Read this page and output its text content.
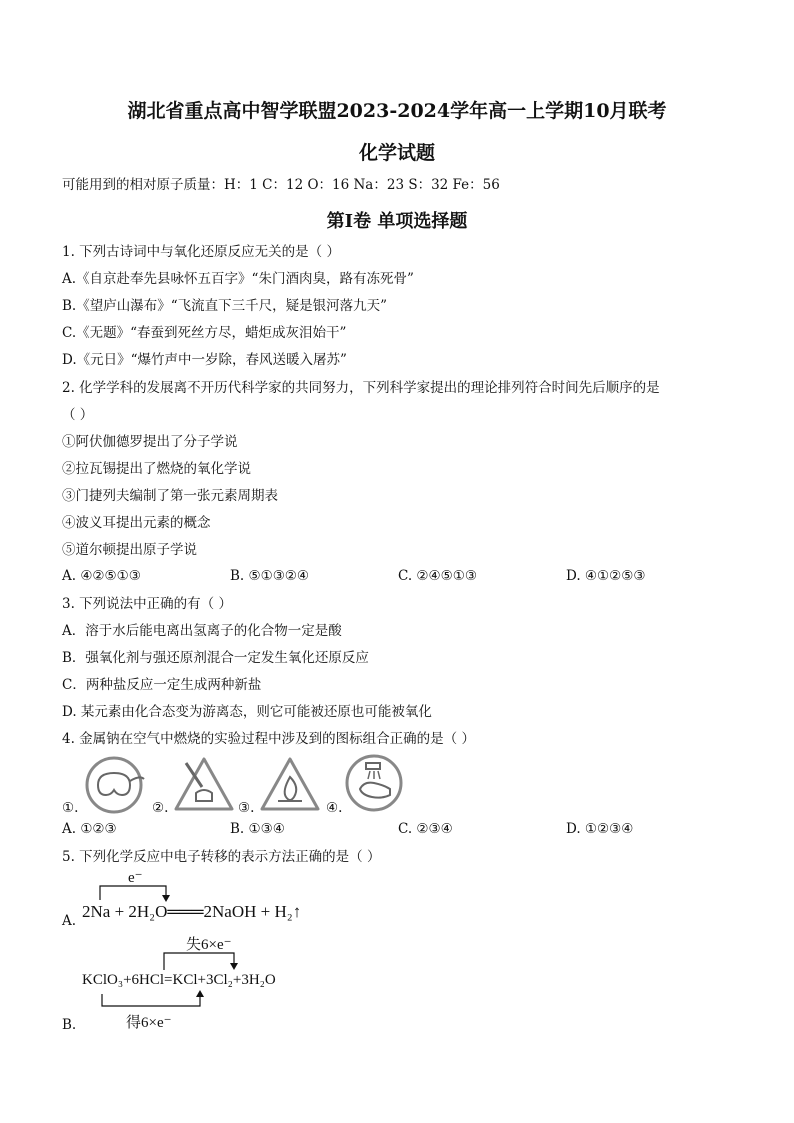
湖北省重点高中智学联盟2023-2024学年高一上学期10月联考
化学试题
可能用到的相对原子质量：H：1 C：12 O：16 Na：23 S：32 Fe：56
第Ⅰ卷 单项选择题
1. 下列古诗词中与氧化还原反应无关的是（ ）
A.《自京赴奉先县咏怀五百字》“朱门酒肉臭，路有冻死骨”
B.《望庐山瀑布》“飞流直下三千尺，疑是银河落九天”
C.《无题》“春蚕到死丝方尽，蜡炬成灰泪始干”
D.《元日》“爆竹声中一岁除，春风送暖入屠苏”
2. 化学学科的发展离不开历代科学家的共同努力，下列科学家提出的理论排列符合时间先后顺序的是
（ ）
①阿伏伽德罗提出了分子学说
②拉瓦锡提出了燃烧的氧化学说
③门捷列夫编制了第一张元素周期表
④波义耳提出元素的概念
⑤道尔顿提出原子学说
A. ④②⑤①③	B. ⑤①③②④	C. ②④⑤①③	D. ④①②⑤③
3. 下列说法中正确的有（ ）
A．溶于水后能电离出氢离子的化合物一定是酸
B．强氧化剂与强还原剂混合一定发生氧化还原反应
C．两种盐反应一定生成两种新盐
D. 某元素由化合态变为游离态，则它可能被还原也可能被氧化
4. 金属钠在空气中燃烧的实验过程中涉及到的图标组合正确的是（ ）
①.	②.	③.	④.
A. ①②③	B. ①③④	C. ②③④	D. ①②③④
5. 下列化学反应中电子转移的表示方法正确的是（ ）
A.
e⁻
2Na + 2H₂O═══2NaOH + H₂↑
失6×e⁻
KClO₃+6HCl=KCl+3Cl₂+3H₂O
得6×e⁻
B.
